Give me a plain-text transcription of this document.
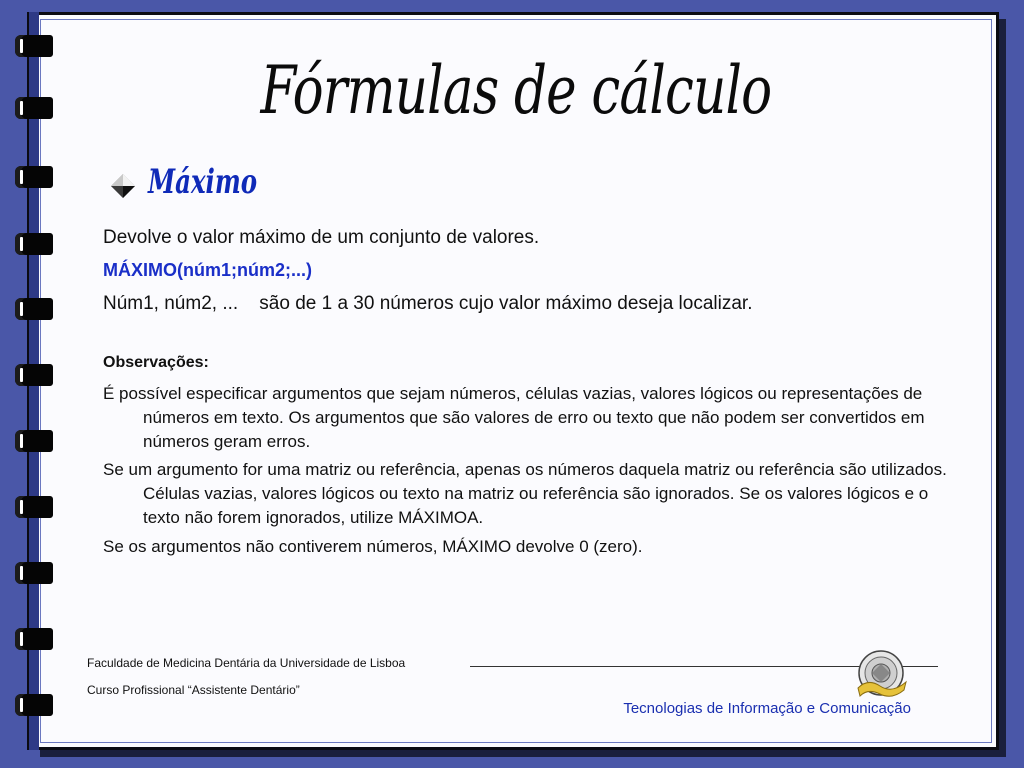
Fórmulas de cálculo
Máximo
Devolve o valor máximo de um conjunto de valores.
MÁXIMO(núm1;núm2;...)
Núm1, núm2, ...    são de 1 a 30 números cujo valor máximo deseja localizar.
Observações:
É possível especificar argumentos que sejam números, células vazias, valores lógicos ou representações de números em texto. Os argumentos que são valores de erro ou texto que não podem ser convertidos em números geram erros.
Se um argumento for uma matriz ou referência, apenas os números daquela matriz ou referência são utilizados. Células vazias, valores lógicos ou texto na matriz ou referência são ignorados. Se os valores lógicos e o texto não forem ignorados, utilize MÁXIMOA.
Se os argumentos não contiverem números, MÁXIMO devolve 0 (zero).
Faculdade de Medicina Dentária da Universidade de Lisboa
Curso Profissional “Assistente Dentário”
Tecnologias de Informação e Comunicação
